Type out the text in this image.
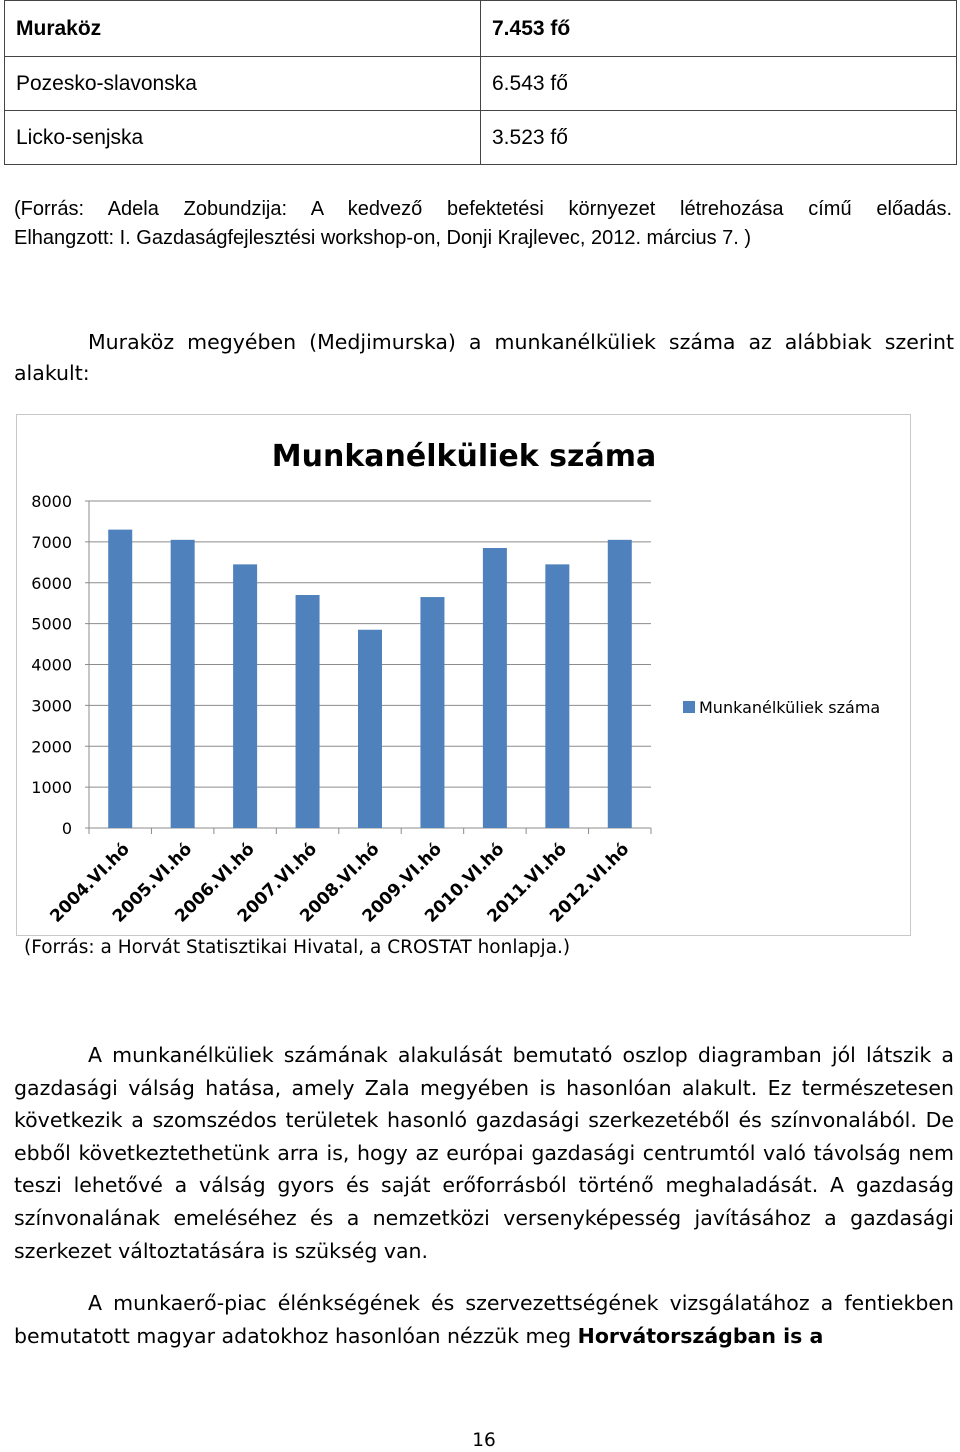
Muraköz	7.453 fő
Pozesko-slavonska	6.543 fő
Licko-senjska	3.523 fő
(Forrás: Adela Zobundzija: A kedvező befektetési környezet létrehozása című előadás.
Elhangzott: I. Gazdaságfejlesztési workshop-on, Donji Krajlevec, 2012. március 7. )
Muraköz megyében (Medjimurska) a munkanélküliek száma az alábbiak szerint
alakult:
Munkanélküliek száma
0
1000
2000
3000
4000
5000
6000
7000
8000
2004.VI.hó
2005.VI.hó
2006.VI.hó
2007.VI.hó
2008.VI.hó
2009.VI.hó
2010.VI.hó
2011.VI.hó
2012.VI.hó
Munkanélküliek száma
(Forrás: a Horvát Statisztikai Hivatal, a CROSTAT honlapja.)

A munkanélküliek számának alakulását bemutató oszlop diagramban jól látszik a gazdasági válság hatása, amely Zala megyében is hasonlóan alakult. Ez természetesen következik a szomszédos területek hasonló gazdasági szerkezetéből és színvonalából. De ebből következtethetünk arra is, hogy az európai gazdasági centrumtól való távolság nem teszi lehetővé a válság gyors és saját erőforrásból történő meghaladását. A gazdaság színvonalának emeléséhez és a nemzetközi versenyképesség javításához a gazdasági szerkezet változtatására is szükség van.

A munkaerő-piac élénkségének és szervezettségének vizsgálatához a fentiekben bemutatott magyar adatokhoz hasonlóan nézzük meg Horvátországban is a

16
